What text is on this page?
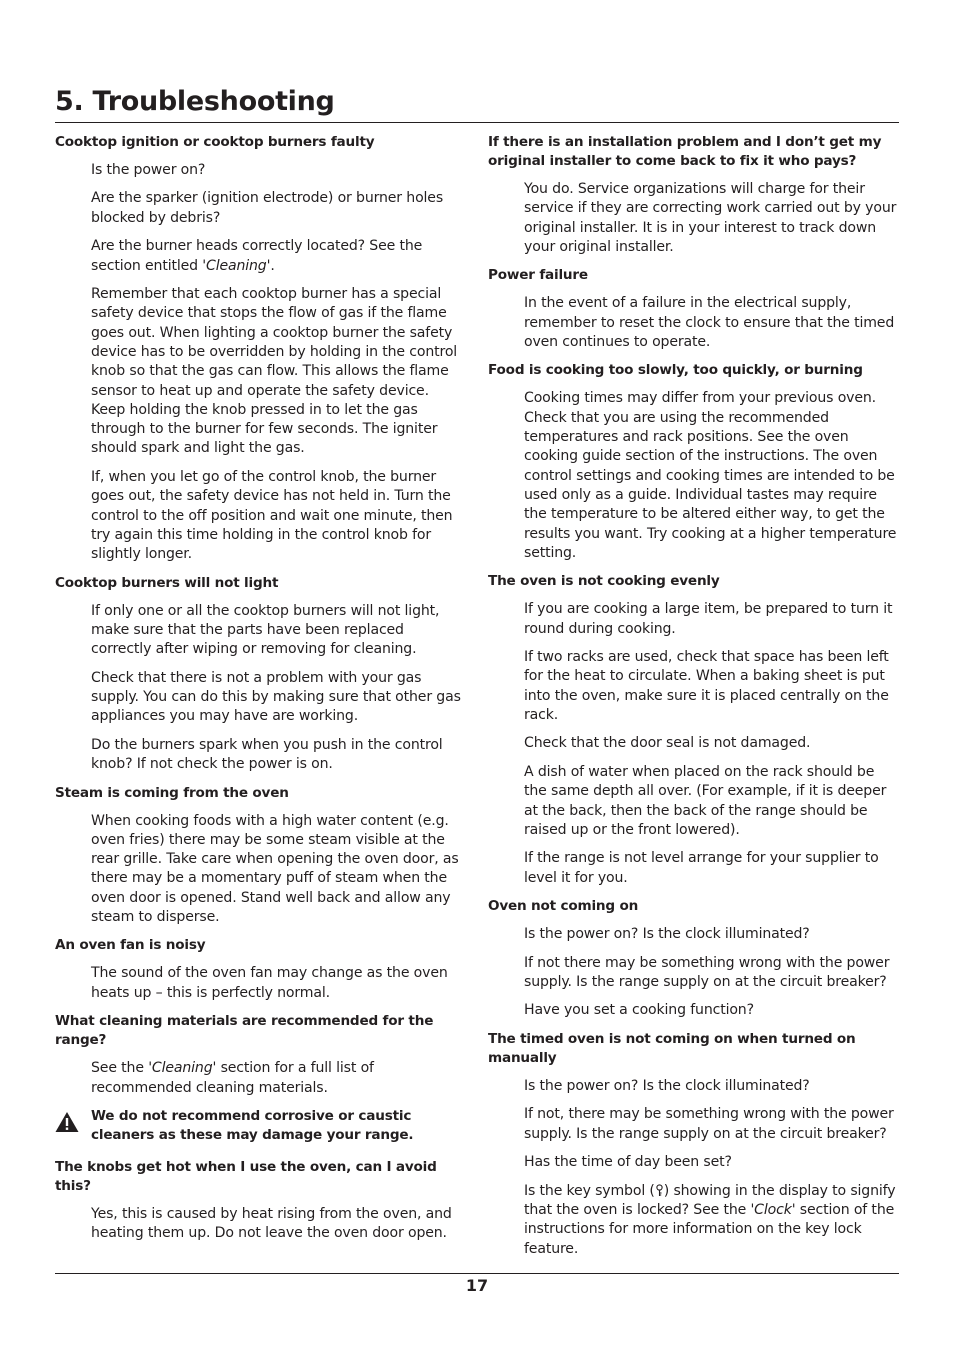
5. Troubleshooting

Cooktop ignition or cooktop burners faulty

Is the power on?

Are the sparker (ignition electrode) or burner holes blocked by debris?

Are the burner heads correctly located? See the section entitled 'Cleaning'.

Remember that each cooktop burner has a special safety device that stops the flow of gas if the flame goes out. When lighting a cooktop burner the safety device has to be overridden by holding in the control knob so that the gas can flow. This allows the flame sensor to heat up and operate the safety device. Keep holding the knob pressed in to let the gas through to the burner for few seconds. The igniter should spark and light the gas.

If, when you let go of the control knob, the burner goes out, the safety device has not held in. Turn the control to the off position and wait one minute, then try again this time holding in the control knob for slightly longer.

Cooktop burners will not light

If only one or all the cooktop burners will not light, make sure that the parts have been replaced correctly after wiping or removing for cleaning.

Check that there is not a problem with your gas supply. You can do this by making sure that other gas appliances you may have are working.

Do the burners spark when you push in the control knob? If not check the power is on.

Steam is coming from the oven

When cooking foods with a high water content (e.g. oven fries) there may be some steam visible at the rear grille. Take care when opening the oven door, as there may be a momentary puff of steam when the oven door is opened. Stand well back and allow any steam to disperse.

An oven fan is noisy

The sound of the oven fan may change as the oven heats up – this is perfectly normal.

What cleaning materials are recommended for the range?

See the 'Cleaning' section for a full list of recommended cleaning materials.

We do not recommend corrosive or caustic cleaners as these may damage your range.

The knobs get hot when I use the oven, can I avoid this?

Yes, this is caused by heat rising from the oven, and heating them up. Do not leave the oven door open.

If there is an installation problem and I don’t get my original installer to come back to fix it who pays?

You do. Service organizations will charge for their service if they are correcting work carried out by your original installer. It is in your interest to track down your original installer.

Power failure

In the event of a failure in the electrical supply, remember to reset the clock to ensure that the timed oven continues to operate.

Food is cooking too slowly, too quickly, or burning

Cooking times may differ from your previous oven. Check that you are using the recommended temperatures and rack positions. See the oven cooking guide section of the instructions. The oven control settings and cooking times are intended to be used only as a guide. Individual tastes may require the temperature to be altered either way, to get the results you want. Try cooking at a higher temperature setting.

The oven is not cooking evenly

If you are cooking a large item, be prepared to turn it round during cooking.

If two racks are used, check that space has been left for the heat to circulate. When a baking sheet is put into the oven, make sure it is placed centrally on the rack.

Check that the door seal is not damaged.

A dish of water when placed on the rack should be the same depth all over. (For example, if it is deeper at the back, then the back of the range should be raised up or the front lowered).

If the range is not level arrange for your supplier to level it for you.

Oven not coming on

Is the power on? Is the clock illuminated?

If not there may be something wrong with the power supply. Is the range supply on at the circuit breaker?

Have you set a cooking function?

The timed oven is not coming on when turned on manually

Is the power on? Is the clock illuminated?

If not, there may be something wrong with the power supply. Is the range supply on at the circuit breaker?

Has the time of day been set?

Is the key symbol ( ) showing in the display to signify that the oven is locked? See the 'Clock' section of the instructions for more information on the key lock feature.

17
